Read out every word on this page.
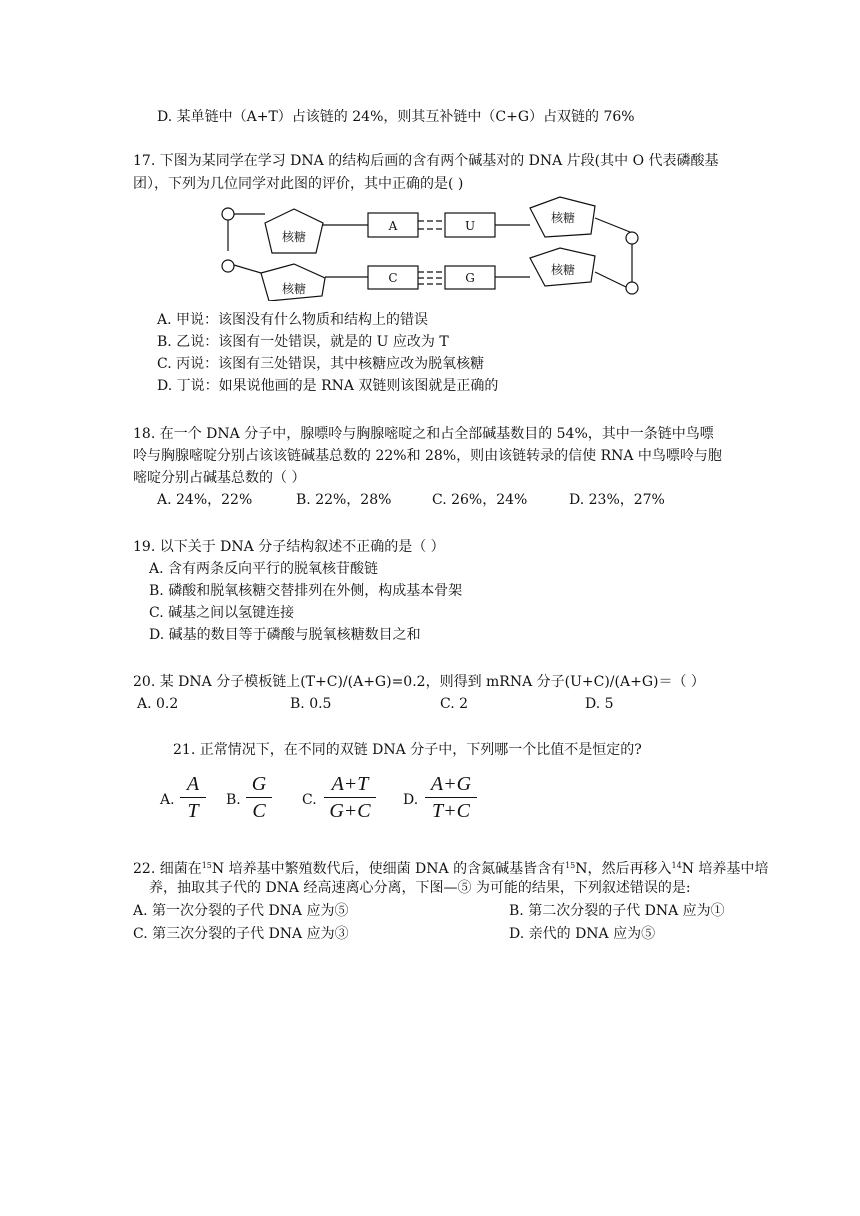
D. 某单链中（A+T）占该链的 24%，则其互补链中（C+G）占双链的 76%
17. 下图为某同学在学习 DNA 的结构后画的含有两个碱基对的 DNA 片段(其中 O 代表磷酸基
团），下列为几位同学对此图的评价，其中正确的是( )
核糖
A	U
核糖
核糖
C	G
核糖
A. 甲说：该图没有什么物质和结构上的错误
B. 乙说：该图有一处错误，就是的 U 应改为 T
C. 丙说：该图有三处错误，其中核糖应改为脱氧核糖
D. 丁说：如果说他画的是 RNA 双链则该图就是正确的
18. 在一个 DNA 分子中，腺嘌呤与胸腺嘧啶之和占全部碱基数目的 54%，其中一条链中鸟嘌
呤与胸腺嘧啶分别占该该链碱基总数的 22%和 28%，则由该链转录的信使 RNA 中鸟嘌呤与胞
嘧啶分别占碱基总数的（ ）
A. 24%，22%	B. 22%，28%	C. 26%，24%	D. 23%，27%
19. 以下关于 DNA 分子结构叙述不正确的是（ ）
A. 含有两条反向平行的脱氧核苷酸链
B. 磷酸和脱氧核糖交替排列在外侧，构成基本骨架
C. 碱基之间以氢键连接
D. 碱基的数目等于磷酸与脱氧核糖数目之和
20. 某 DNA 分子模板链上(T+C)/(A+G)=0.2，则得到 mRNA 分子(U+C)/(A+G)＝（ ）
A. 0.2	B. 0.5	C. 2	D. 5
21. 正常情况下，在不同的双链 DNA 分子中，下列哪一个比值不是恒定的?
A.
A
T	B.
G
C	C.
A+T
G+C	D.
A+G
T+C
22. 细菌在$^{15}$N 培养基中繁殖数代后，使细菌 DNA 的含氮碱基皆含有$^{15}$N，然后再移入$^{14}$N 培养基中培
养，抽取其子代的 DNA 经高速离心分离，下图—⑤ 为可能的结果，下列叙述错误的是:
A. 第一次分裂的子代 DNA 应为⑤	B. 第二次分裂的子代 DNA 应为①
C. 第三次分裂的子代 DNA 应为③	D. 亲代的 DNA 应为⑤
